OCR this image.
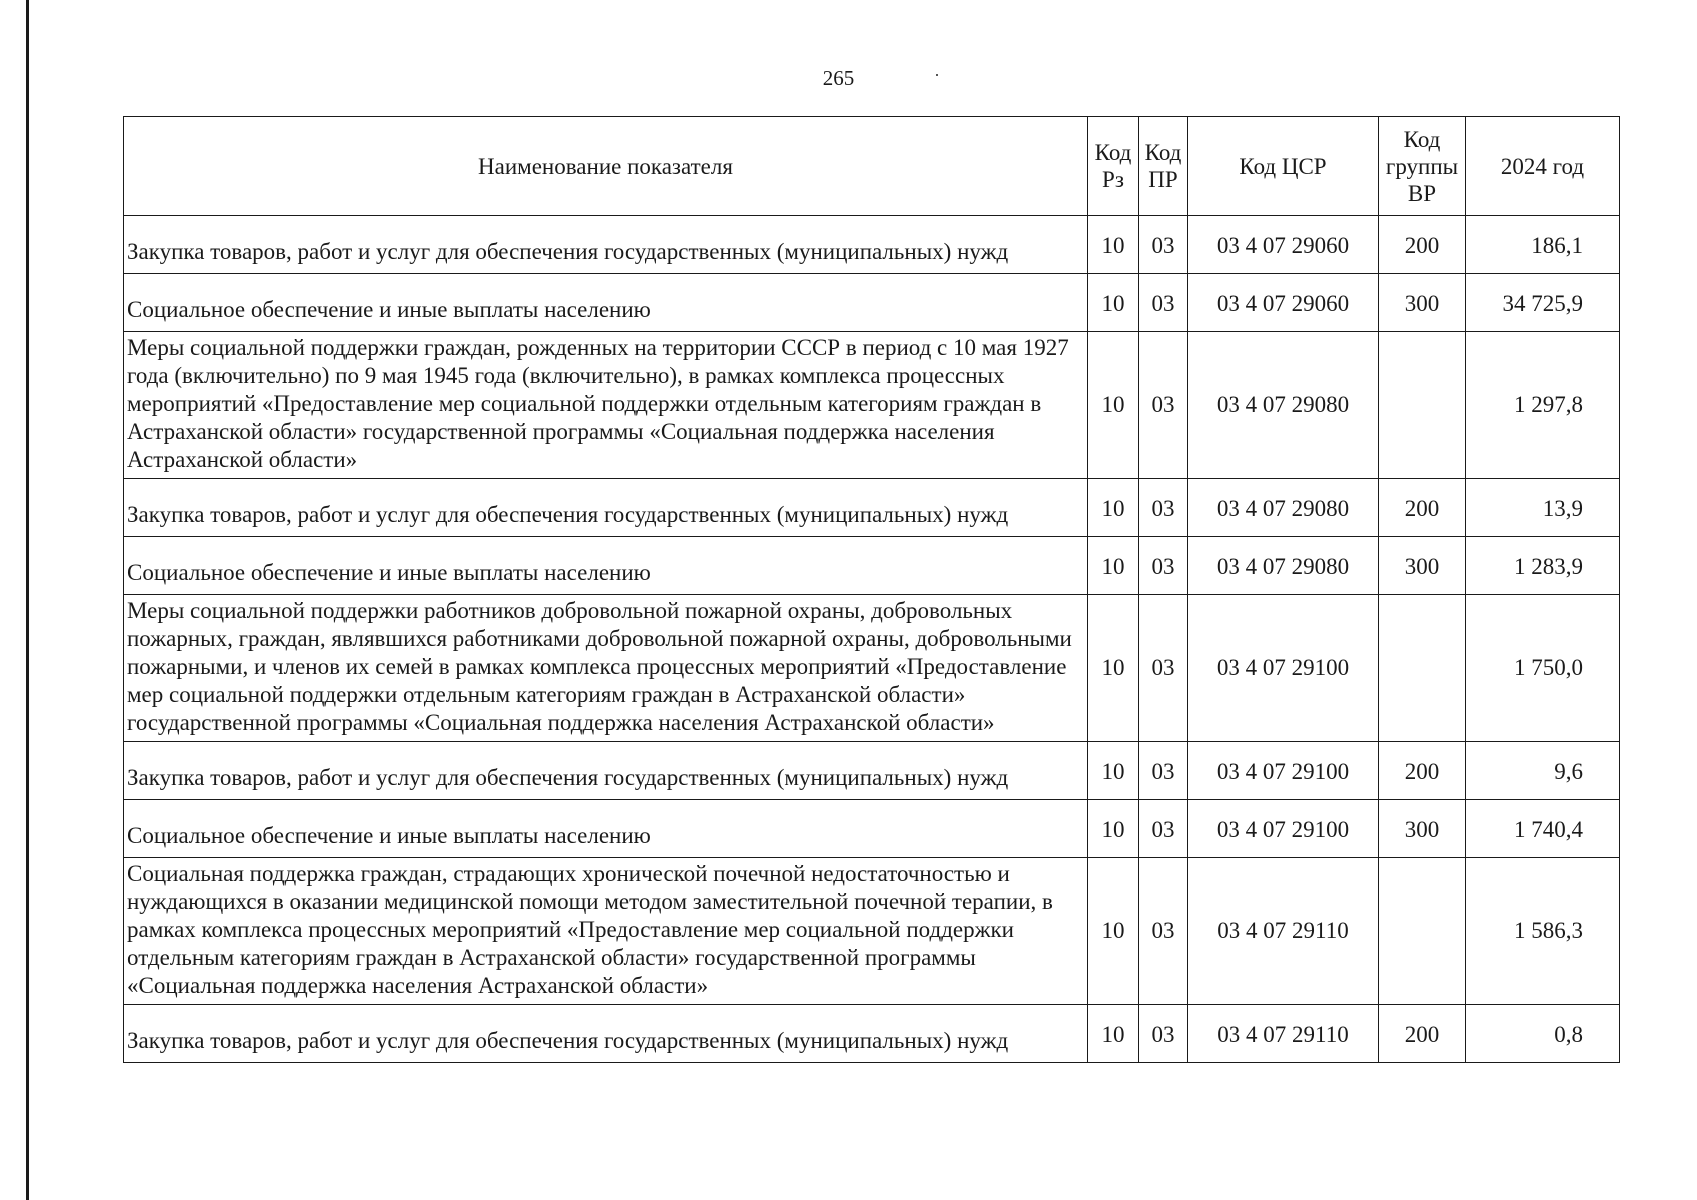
265
Наименование показателя	Код Рз	Код ПР	Код ЦСР	Код группы ВР	2024 год
Закупка товаров, работ и услуг для обеспечения государственных (муниципальных) нужд	10	03	03 4 07 29060	200	186,1
Социальное обеспечение и иные выплаты населению	10	03	03 4 07 29060	300	34 725,9
Меры социальной поддержки граждан, рожденных на территории СССР в период с 10 мая 1927 года (включительно) по 9 мая 1945 года (включительно), в рамках комплекса процессных мероприятий «Предоставление мер социальной поддержки отдельным категориям граждан в Астраханской области» государственной программы «Социальная поддержка населения Астраханской области»	10	03	03 4 07 29080		1 297,8
Закупка товаров, работ и услуг для обеспечения государственных (муниципальных) нужд	10	03	03 4 07 29080	200	13,9
Социальное обеспечение и иные выплаты населению	10	03	03 4 07 29080	300	1 283,9
Меры социальной поддержки работников добровольной пожарной охраны, добровольных пожарных, граждан, являвшихся работниками добровольной пожарной охраны, добровольными пожарными, и членов их семей в рамках комплекса процессных мероприятий «Предоставление мер социальной поддержки отдельным категориям граждан в Астраханской области» государственной программы «Социальная поддержка населения Астраханской области»	10	03	03 4 07 29100		1 750,0
Закупка товаров, работ и услуг для обеспечения государственных (муниципальных) нужд	10	03	03 4 07 29100	200	9,6
Социальное обеспечение и иные выплаты населению	10	03	03 4 07 29100	300	1 740,4
Социальная поддержка граждан, страдающих хронической почечной недостаточностью и нуждающихся в оказании медицинской помощи методом заместительной почечной терапии, в рамках комплекса процессных мероприятий «Предоставление мер социальной поддержки отдельным категориям граждан в Астраханской области» государственной программы «Социальная поддержка населения Астраханской области»	10	03	03 4 07 29110		1 586,3
Закупка товаров, работ и услуг для обеспечения государственных (муниципальных) нужд	10	03	03 4 07 29110	200	0,8
